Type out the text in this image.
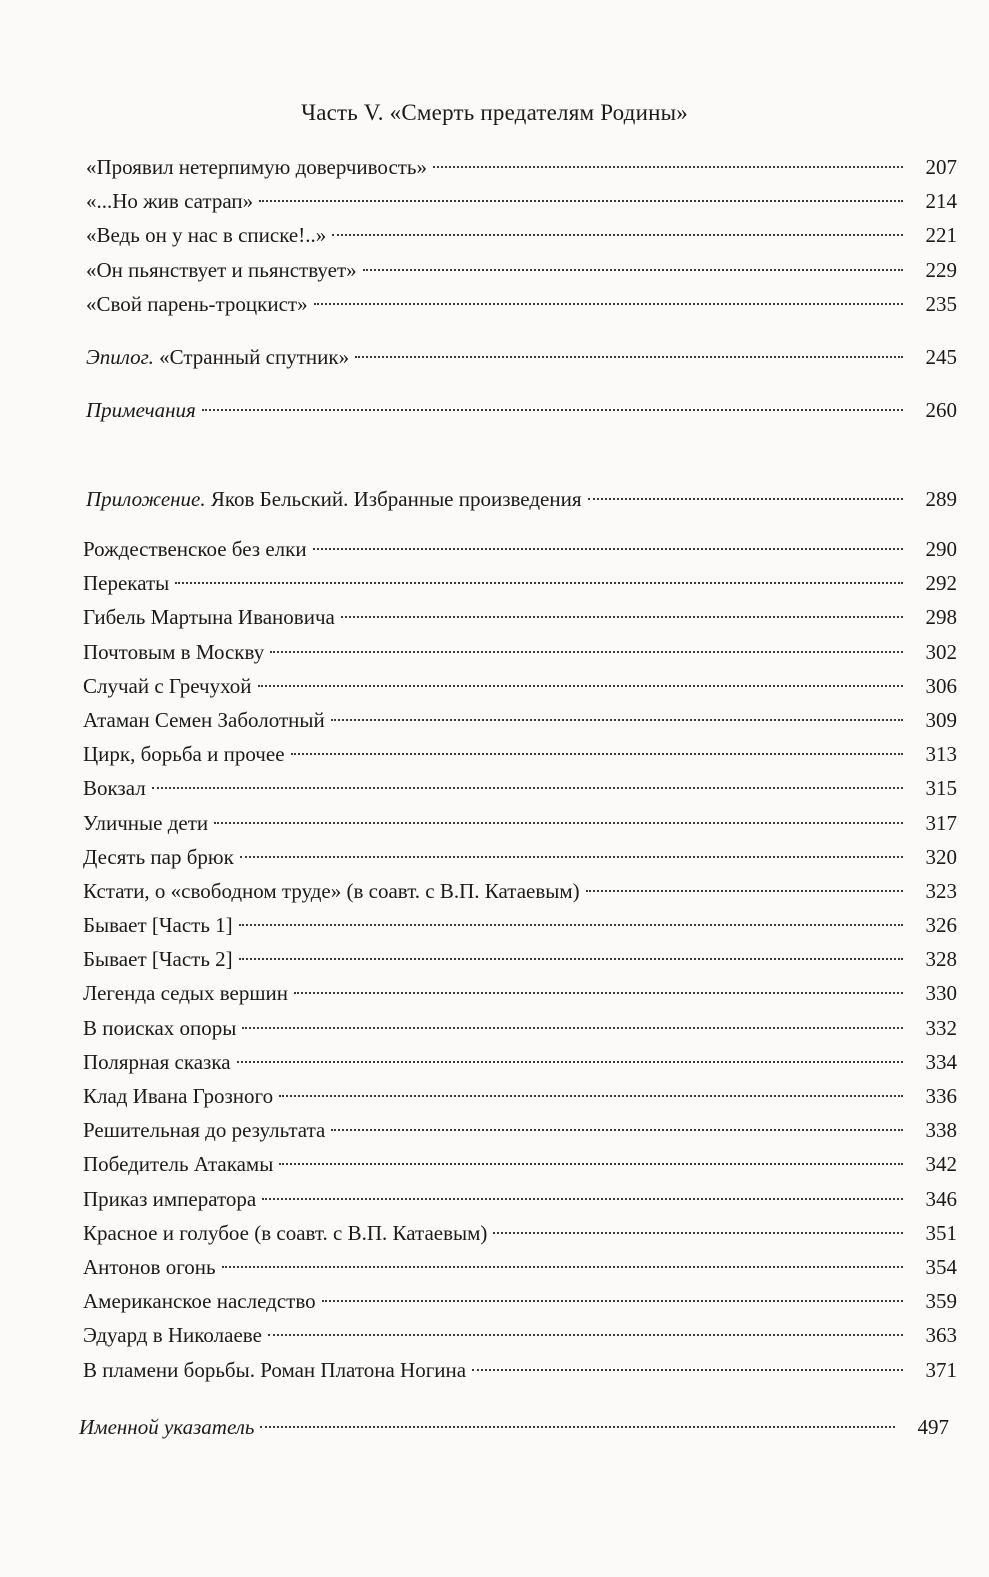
Часть V. «Смерть предателям Родины»
«Проявил нетерпимую доверчивость»	207
«...Но жив сатрап»	214
«Ведь он у нас в списке!..»	221
«Он пьянствует и пьянствует»	229
«Свой парень-троцкист»	235
Эпилог. «Странный спутник»	245
Примечания	260
Приложение. Яков Бельский. Избранные произведения	289
Рождественское без елки	290
Перекаты	292
Гибель Мартына Ивановича	298
Почтовым в Москву	302
Случай с Гречухой	306
Атаман Семен Заболотный	309
Цирк, борьба и прочее	313
Вокзал	315
Уличные дети	317
Десять пар брюк	320
Кстати, о «свободном труде» (в соавт. с В.П. Катаевым)	323
Бывает [Часть 1]	326
Бывает [Часть 2]	328
Легенда седых вершин	330
В поисках опоры	332
Полярная сказка	334
Клад Ивана Грозного	336
Решительная до результата	338
Победитель Атакамы	342
Приказ императора	346
Красное и голубое (в соавт. с В.П. Катаевым)	351
Антонов огонь	354
Американское наследство	359
Эдуард в Николаеве	363
В пламени борьбы. Роман Платона Ногина	371
Именной указатель	497
